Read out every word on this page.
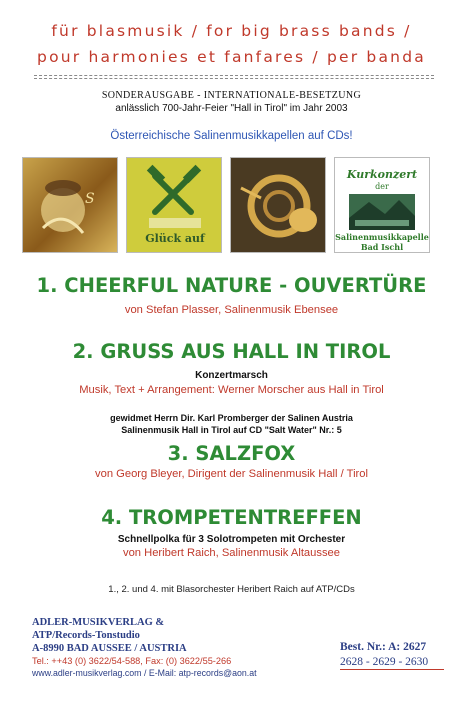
für blasmusik / for big brass bands /
pour harmonies et fanfares / per banda
SONDERAUSGABE - INTERNATIONALE-BESETZUNG
anlässlich 700-Jahr-Feier "Hall in Tirol" im Jahr 2003
Österreichische Salinenmusikkapellen auf CDs!
S
Glück auf
Kurkonzert
der
Salinenmusikkapelle
Bad Ischl
1. CHEERFUL NATURE - OUVERTÜRE
von Stefan Plasser, Salinenmusik Ebensee
2. GRUSS AUS HALL IN TIROL
Konzertmarsch
Musik, Text + Arrangement: Werner Morscher aus Hall in Tirol
gewidmet Herrn Dir. Karl Promberger der Salinen Austria
Salinenmusik Hall in Tirol auf CD "Salt Water" Nr.: 5
3. SALZFOX
von Georg Bleyer, Dirigent der Salinenmusik Hall / Tirol
4. TROMPETENTREFFEN
Schnellpolka für 3 Solotrompeten mit Orchester
von Heribert Raich, Salinenmusik Altaussee
1., 2. und 4. mit Blasorchester Heribert Raich auf ATP/CDs
ADLER-MUSIKVERLAG &
ATP/Records-Tonstudio
A-8990 BAD AUSSEE / AUSTRIA
Tel.: ++43 (0) 3622/54-588, Fax: (0) 3622/55-266
www.adler-musikverlag.com / E-Mail: atp-records@aon.at
Best. Nr.: A: 2627
2628 - 2629 - 2630
